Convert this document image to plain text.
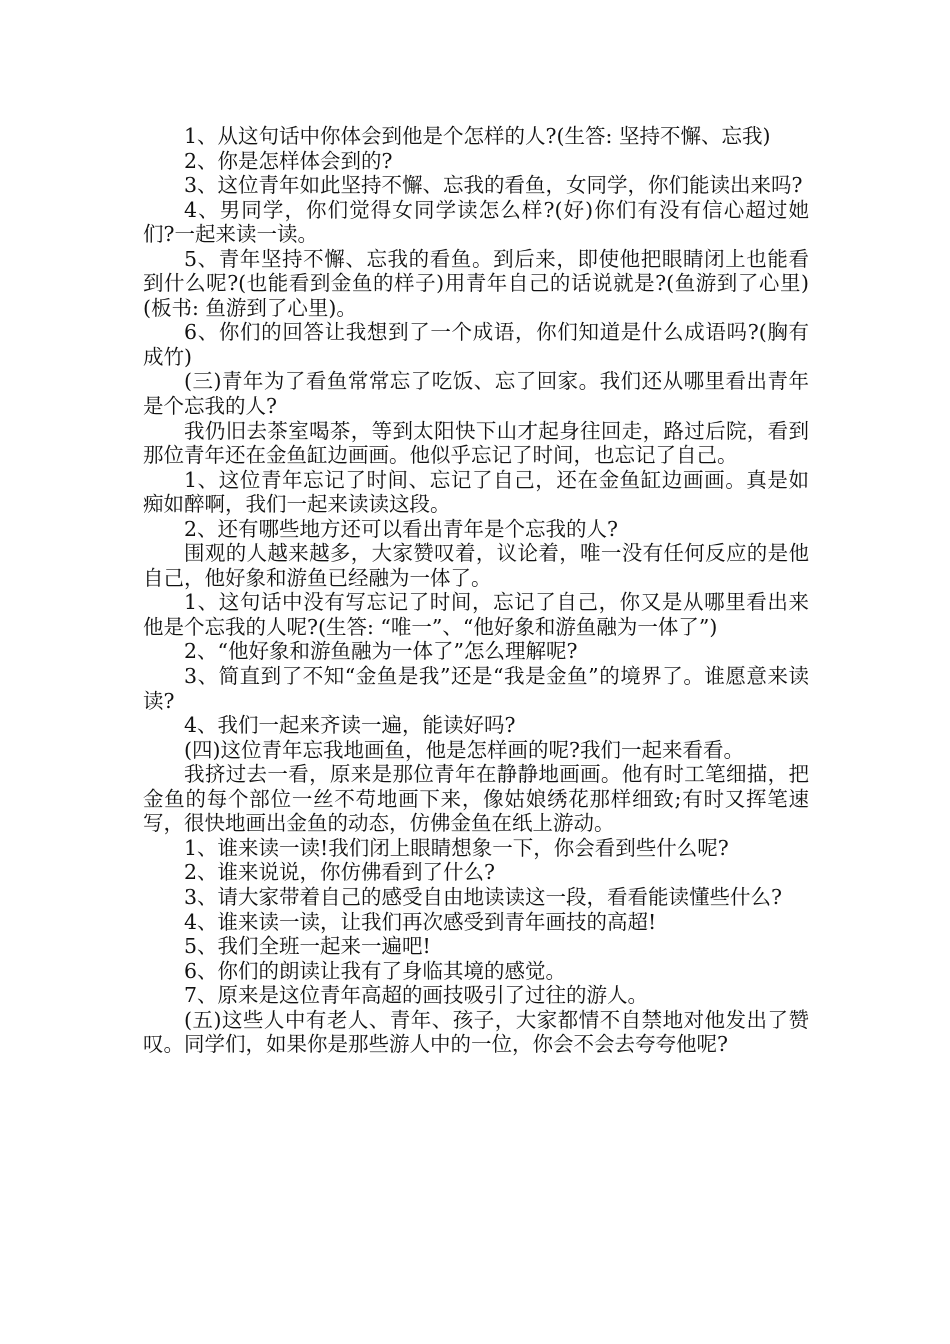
1、从这句话中你体会到他是个怎样的人?(生答: 坚持不懈、忘我)

2、你是怎样体会到的?

3、这位青年如此坚持不懈、忘我的看鱼，女同学，你们能读出来吗?

4、男同学，你们觉得女同学读怎么样?(好)你们有没有信心超过她们?一起来读一读。

5、青年坚持不懈、忘我的看鱼。到后来，即使他把眼睛闭上也能看到什么呢?(也能看到金鱼的样子)用青年自己的话说就是?(鱼游到了心里)(板书: 鱼游到了心里)。

6、你们的回答让我想到了一个成语，你们知道是什么成语吗?(胸有成竹)

(三)青年为了看鱼常常忘了吃饭、忘了回家。我们还从哪里看出青年是个忘我的人?

我仍旧去茶室喝茶，等到太阳快下山才起身往回走，路过后院，看到那位青年还在金鱼缸边画画。他似乎忘记了时间，也忘记了自己。

1、这位青年忘记了时间、忘记了自己，还在金鱼缸边画画。真是如痴如醉啊，我们一起来读读这段。

2、还有哪些地方还可以看出青年是个忘我的人?

围观的人越来越多，大家赞叹着，议论着，唯一没有任何反应的是他自己，他好象和游鱼已经融为一体了。

1、这句话中没有写忘记了时间，忘记了自己，你又是从哪里看出来他是个忘我的人呢?(生答: “唯一”、“他好象和游鱼融为一体了”)

2、“他好象和游鱼融为一体了”怎么理解呢?

3、简直到了不知“金鱼是我”还是“我是金鱼”的境界了。谁愿意来读读?

4、我们一起来齐读一遍，能读好吗?

(四)这位青年忘我地画鱼，他是怎样画的呢?我们一起来看看。

我挤过去一看，原来是那位青年在静静地画画。他有时工笔细描，把金鱼的每个部位一丝不苟地画下来，像姑娘绣花那样细致;有时又挥笔速写，很快地画出金鱼的动态，仿佛金鱼在纸上游动。

1、谁来读一读!我们闭上眼睛想象一下，你会看到些什么呢?

2、谁来说说，你仿佛看到了什么?

3、请大家带着自己的感受自由地读读这一段，看看能读懂些什么?

4、谁来读一读，让我们再次感受到青年画技的高超!

5、我们全班一起来一遍吧!

6、你们的朗读让我有了身临其境的感觉。

7、原来是这位青年高超的画技吸引了过往的游人。

(五)这些人中有老人、青年、孩子，大家都情不自禁地对他发出了赞叹。同学们，如果你是那些游人中的一位，你会不会去夸夸他呢?
